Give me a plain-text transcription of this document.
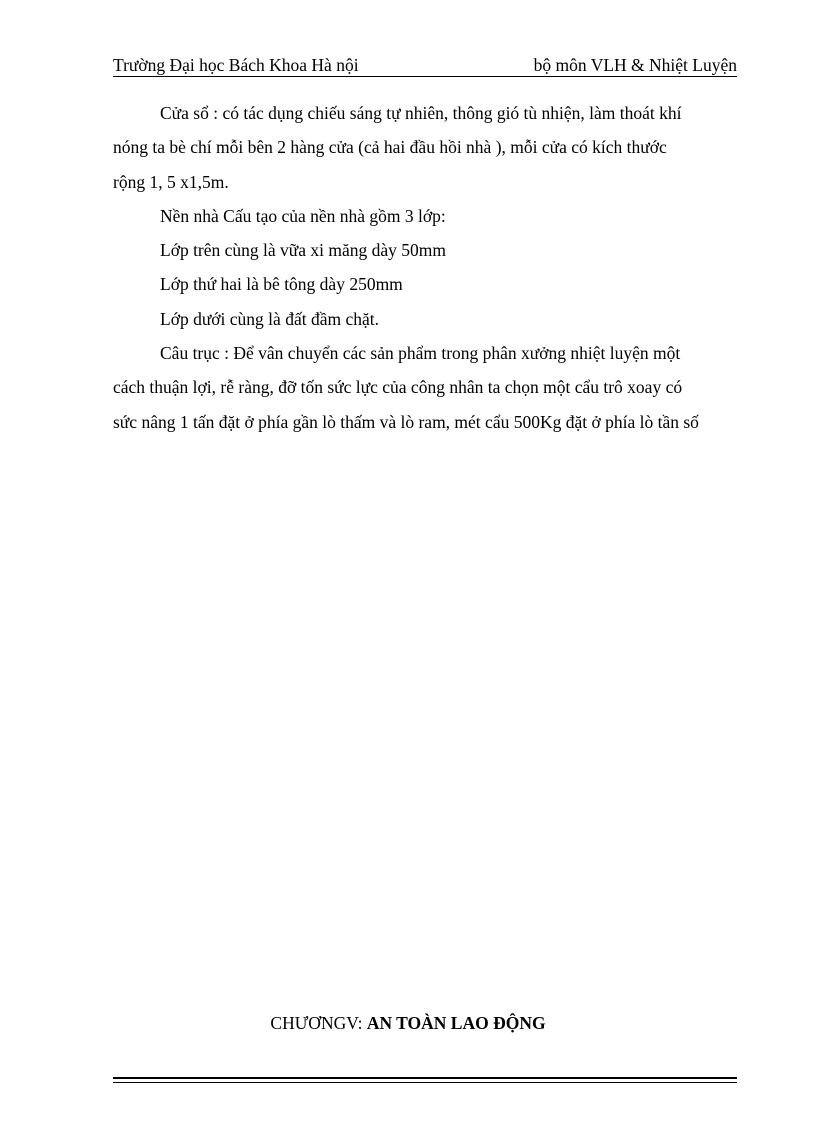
Trường Đại học Bách Khoa Hà nội	bộ môn VLH & Nhiệt Luyện

Cửa sổ : có tác dụng chiếu sáng tự nhiên, thông gió tù nhiện, làm thoát khí

nóng ta bè chí mỗi bên 2 hàng cửa (cả hai đầu hồi nhà ), mỗi cửa có kích thước

rộng 1, 5 x1,5m.

Nền nhà Cấu tạo của nền nhà gồm 3 lớp:

Lớp trên cùng là vữa xi măng dày 50mm

Lớp thứ hai là bê tông dày 250mm

Lớp dưới cùng là đất đầm chặt.

Câu trục : Để vân chuyển các sản phẩm trong phân xưởng nhiệt luyện một

cách thuận lợi, rễ ràng, đỡ tốn sức lực của công nhân ta chọn một cẩu trô xoay có

sức nâng 1 tấn đặt ở phía gần lò thấm và lò ram, mét cẩu 500Kg đặt ở phía lò tần số

CHƯƠNGV: AN TOÀN LAO ĐỘNG
